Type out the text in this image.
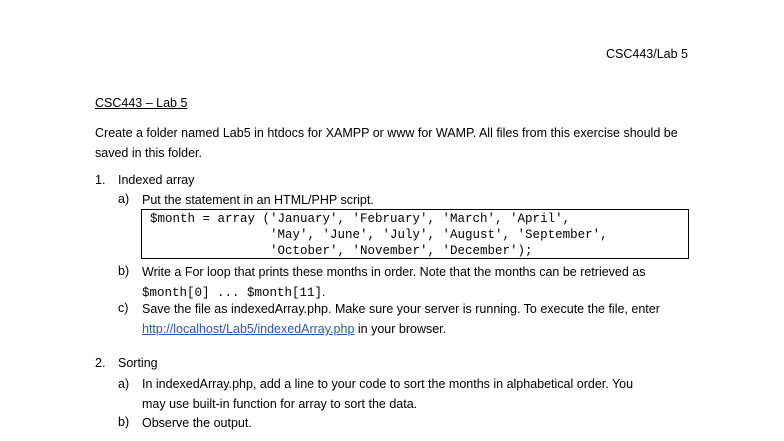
CSC443/Lab 5
CSC443 – Lab 5
Create a folder named Lab5 in htdocs for XAMPP or www for WAMP. All files from this exercise should be saved in this folder.
1. Indexed array
a) Put the statement in an HTML/PHP script.
$month = array ('January', 'February', 'March', 'April',
'May', 'June', 'July', 'August', 'September',
'October', 'November', 'December');
b) Write a For loop that prints these months in order. Note that the months can be retrieved as
$month[0] ... $month[11].
c) Save the file as indexedArray.php. Make sure your server is running. To execute the file, enter
http://localhost/Lab5/indexedArray.php in your browser.
2. Sorting
a) In indexedArray.php, add a line to your code to sort the months in alphabetical order. You
may use built-in function for array to sort the data.
b) Observe the output.
